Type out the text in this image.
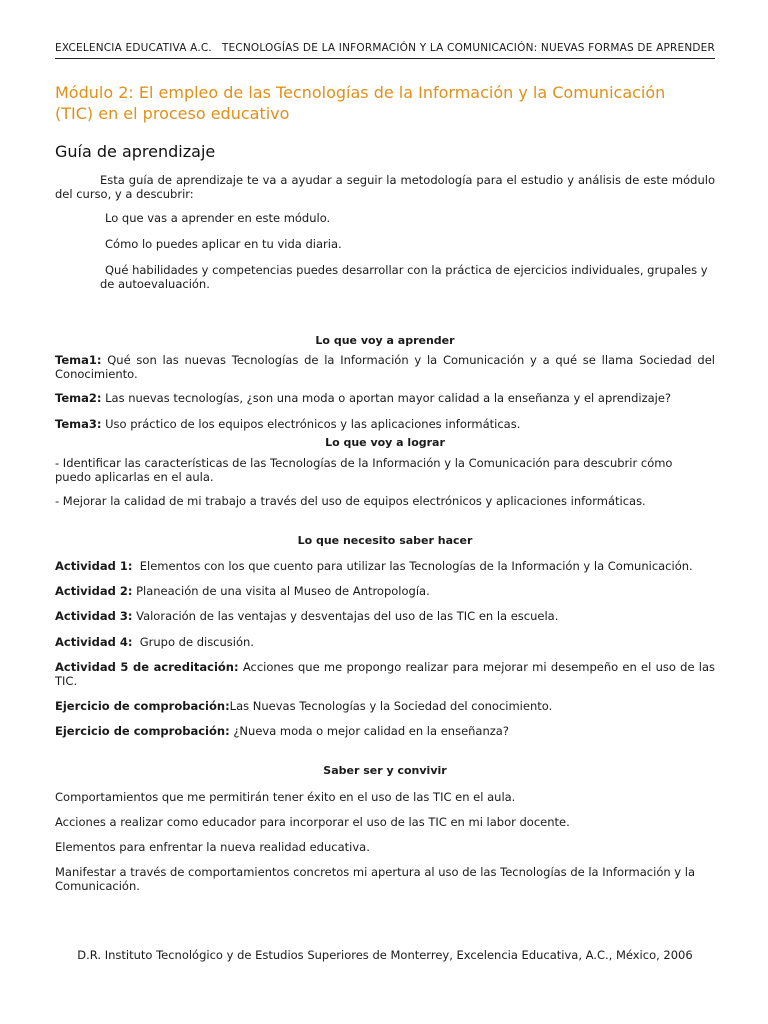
EXCELENCIA EDUCATIVA A.C. TECNOLOGÍAS DE LA INFORMACIÓN Y LA COMUNICACIÓN: NUEVAS FORMAS DE APRENDER
Módulo 2: El empleo de las Tecnologías de la Información y la Comunicación (TIC) en el proceso educativo
Guía de aprendizaje

Esta guía de aprendizaje te va a ayudar a seguir la metodología para el estudio y análisis de este módulo del curso, y a descubrir:

Lo que vas a aprender en este módulo.
Cómo lo puedes aplicar en tu vida diaria.
Qué habilidades y competencias puedes desarrollar con la práctica de ejercicios individuales, grupales y de autoevaluación.
Lo que voy a aprender
Tema1: Qué son las nuevas Tecnologías de la Información y la Comunicación y a qué se llama Sociedad del Conocimiento.
Tema2: Las nuevas tecnologías, ¿son una moda o aportan mayor calidad a la enseñanza y el aprendizaje?
Tema3: Uso práctico de los equipos electrónicos y las aplicaciones informáticas.
Lo que voy a lograr
- Identificar las características de las Tecnologías de la Información y la Comunicación para descubrir cómo puedo aplicarlas en el aula.
- Mejorar la calidad de mi trabajo a través del uso de equipos electrónicos y aplicaciones informáticas.
Lo que necesito saber hacer
Actividad 1: Elementos con los que cuento para utilizar las Tecnologías de la Información y la Comunicación.
Actividad 2: Planeación de una visita al Museo de Antropología.
Actividad 3: Valoración de las ventajas y desventajas del uso de las TIC en la escuela.
Actividad 4: Grupo de discusión.
Actividad 5 de acreditación: Acciones que me propongo realizar para mejorar mi desempeño en el uso de las TIC.
Ejercicio de comprobación:Las Nuevas Tecnologías y la Sociedad del conocimiento.
Ejercicio de comprobación: ¿Nueva moda o mejor calidad en la enseñanza?
Saber ser y convivir
Comportamientos que me permitirán tener éxito en el uso de las TIC en el aula.
Acciones a realizar como educador para incorporar el uso de las TIC en mi labor docente.
Elementos para enfrentar la nueva realidad educativa.
Manifestar a través de comportamientos concretos mi apertura al uso de las Tecnologías de la Información y la Comunicación.
D.R. Instituto Tecnológico y de Estudios Superiores de Monterrey, Excelencia Educativa, A.C., México, 2006
